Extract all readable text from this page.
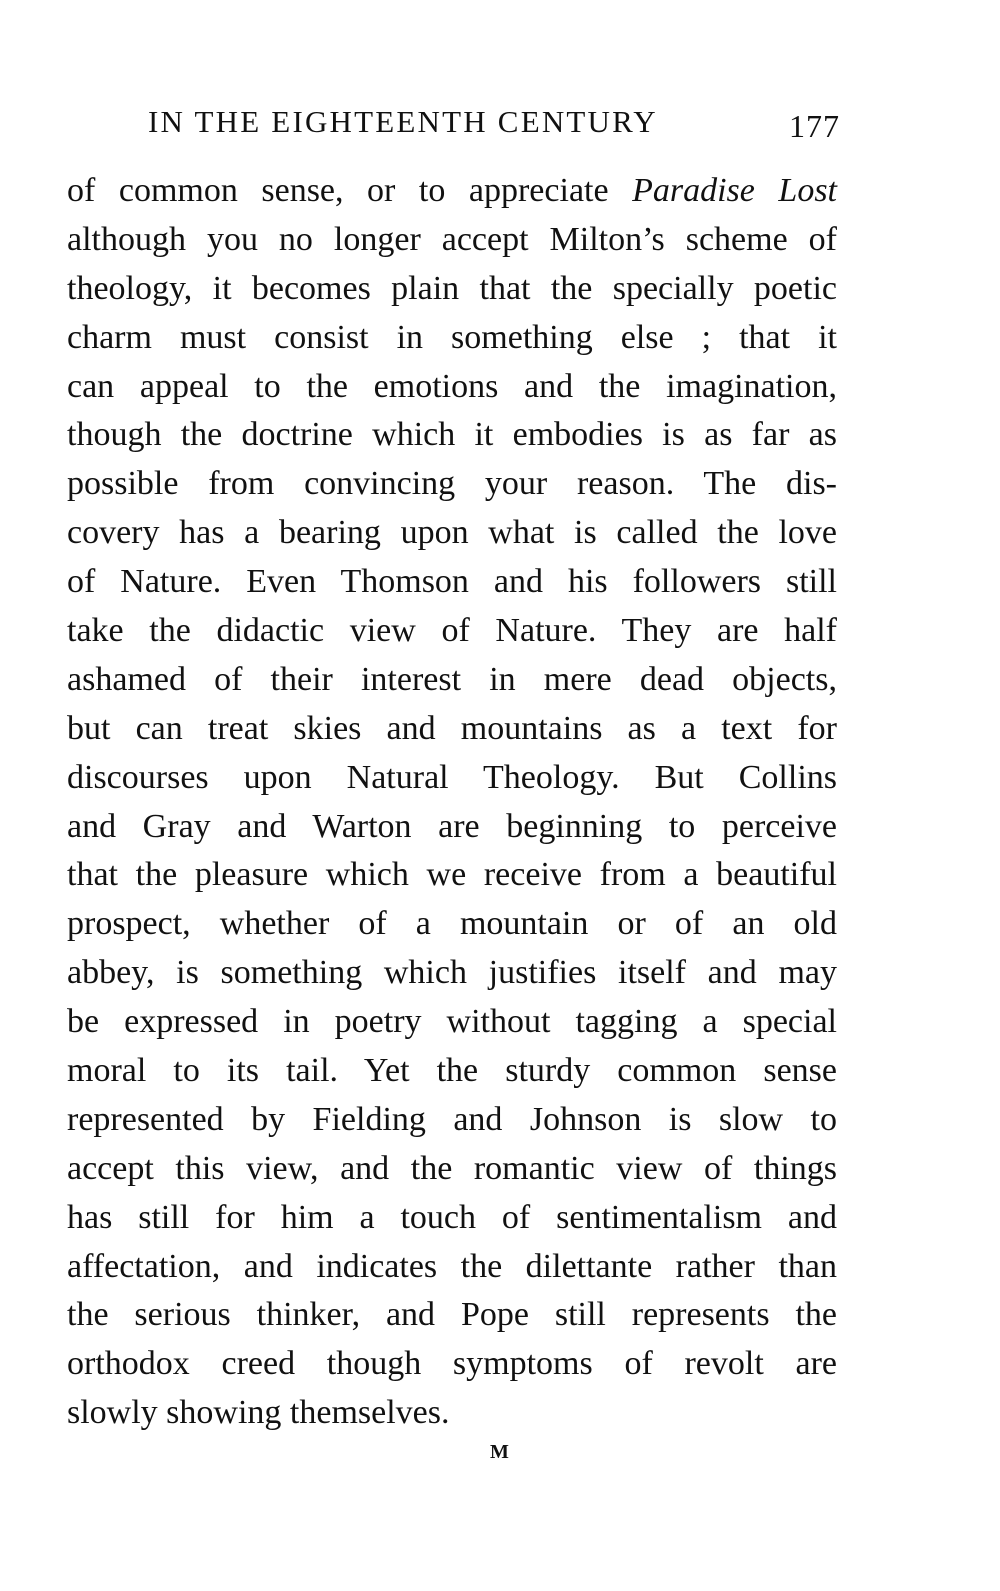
IN THE EIGHTEENTH CENTURY	177
of common sense, or to appreciate Paradise Lost
although you no longer accept Milton’s scheme of
theology, it becomes plain that the specially poetic
charm must consist in something else ; that it
can appeal to the emotions and the imagination,
though the doctrine which it embodies is as far as
possible from convincing your reason. The dis-
covery has a bearing upon what is called the love
of Nature. Even Thomson and his followers still
take the didactic view of Nature. They are half
ashamed of their interest in mere dead objects,
but can treat skies and mountains as a text for
discourses upon Natural Theology. But Collins
and Gray and Warton are beginning to perceive
that the pleasure which we receive from a beautiful
prospect, whether of a mountain or of an old
abbey, is something which justifies itself and may
be expressed in poetry without tagging a special
moral to its tail. Yet the sturdy common sense
represented by Fielding and Johnson is slow to
accept this view, and the romantic view of things
has still for him a touch of sentimentalism and
affectation, and indicates the dilettante rather than
the serious thinker, and Pope still represents the
orthodox creed though symptoms of revolt are
slowly showing themselves.
M
